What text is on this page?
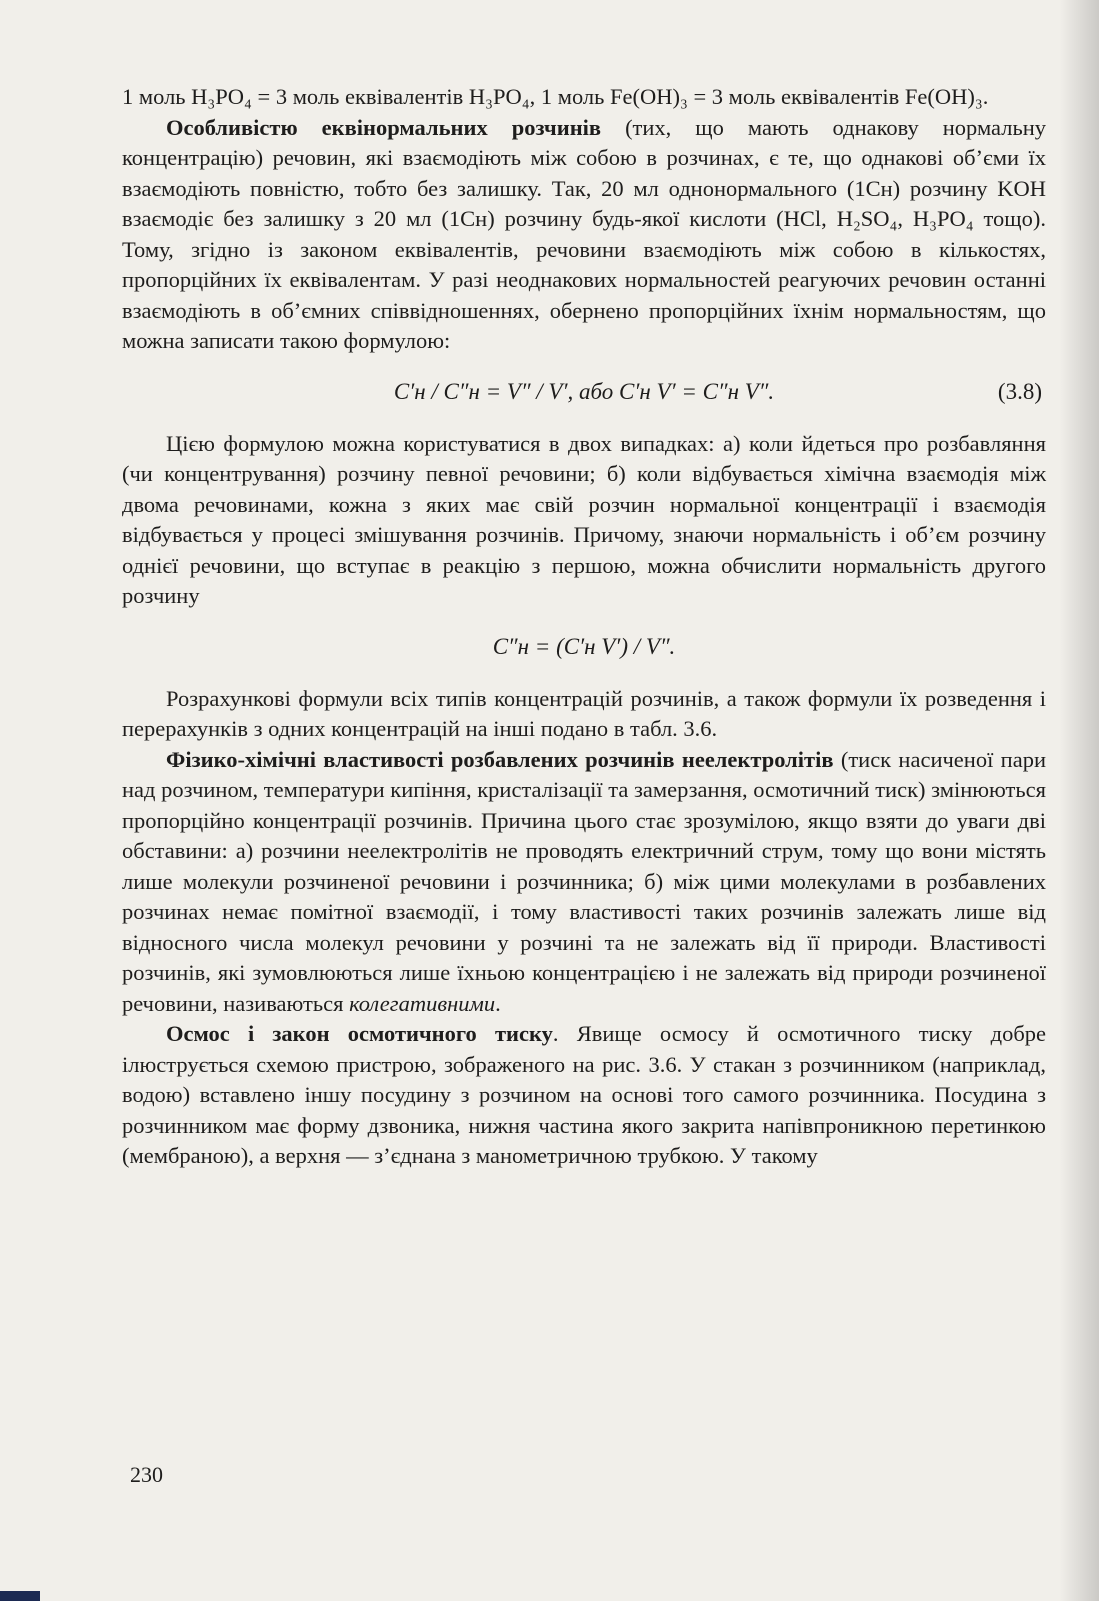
1 моль H₃PO₄ = 3 моль еквівалентів H₃PO₄, 1 моль Fe(OH)₃ = 3 моль еквівалентів Fe(OH)₃.

Особливістю еквінормальних розчинів (тих, що мають однакову нормальну концентрацію) речовин, які взаємодіють між собою в розчинах, є те, що однакові об’єми їх взаємодіють повністю, тобто без залишку. Так, 20 мл однонормального (1Cн) розчину KOH взаємодіє без залишку з 20 мл (1Cн) розчину будь-якої кислоти (HCl, H₂SO₄, H₃PO₄ тощо). Тому, згідно із законом еквівалентів, речовини взаємодіють між собою в кількостях, пропорційних їх еквівалентам. У разі неоднакових нормальностей реагуючих речовин останні взаємодіють в об’ємних співвідношеннях, обернено пропорційних їхнім нормальностям, що можна записати такою формулою:

C′н / C″н = V″ / V′, або C′н V′ = C″н V″.	(3.8)

Цією формулою можна користуватися в двох випадках: а) коли йдеться про розбавляння (чи концентрування) розчину певної речовини; б) коли відбувається хімічна взаємодія між двома речовинами, кожна з яких має свій розчин нормальної концентрації і взаємодія відбувається у процесі змішування розчинів. Причому, знаючи нормальність і об’єм розчину однієї речовини, що вступає в реакцію з першою, можна обчислити нормальність другого розчину

C″н = (C′н V′) / V″.

Розрахункові формули всіх типів концентрацій розчинів, а також формули їх розведення і перерахунків з одних концентрацій на інші подано в табл. 3.6.

Фізико-хімічні властивості розбавлених розчинів неелектролітів (тиск насиченої пари над розчином, температури кипіння, кристалізації та замерзання, осмотичний тиск) змінюються пропорційно концентрації розчинів. Причина цього стає зрозумілою, якщо взяти до уваги дві обставини: а) розчини неелектролітів не проводять електричний струм, тому що вони містять лише молекули розчиненої речовини і розчинника; б) між цими молекулами в розбавлених розчинах немає помітної взаємодії, і тому властивості таких розчинів залежать лише від відносного числа молекул речовини у розчині та не залежать від її природи. Властивості розчинів, які зумовлюються лише їхньою концентрацією і не залежать від природи розчиненої речовини, називаються колегативними.

Осмос і закон осмотичного тиску. Явище осмосу й осмотичного тиску добре ілюструється схемою пристрою, зображеного на рис. 3.6. У стакан з розчинником (наприклад, водою) вставлено іншу посудину з розчином на основі того самого розчинника. Посудина з розчинником має форму дзвоника, нижня частина якого закрита напівпроникною перетинкою (мембраною), а верхня — з’єднана з манометричною трубкою. У такому

230
